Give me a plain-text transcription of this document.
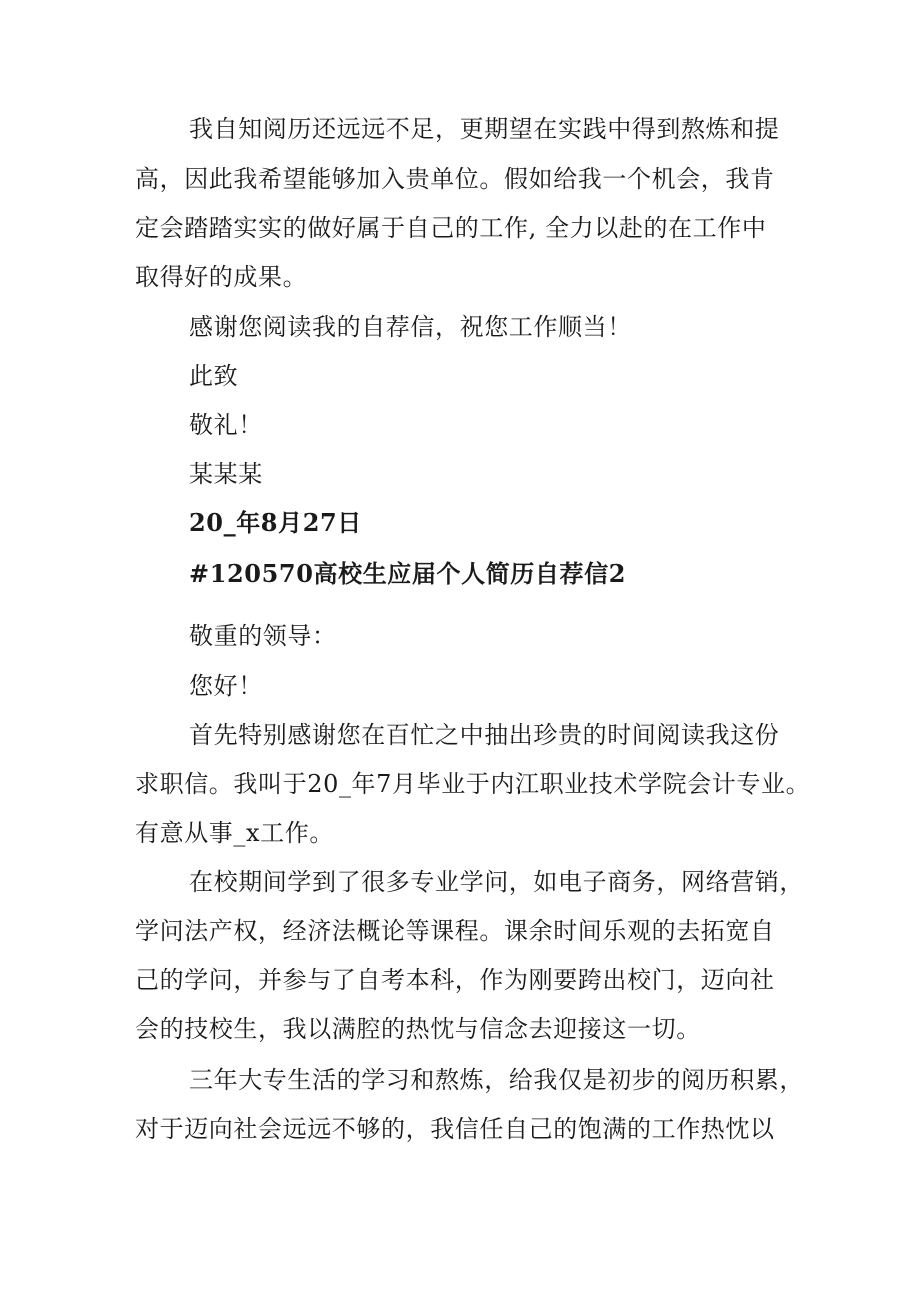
我自知阅历还远远不足，更期望在实践中得到熬炼和提
高，因此我希望能够加入贵单位。假如给我一个机会，我肯
定会踏踏实实的做好属于自己的工作, 全力以赴的在工作中
取得好的成果。
感谢您阅读我的自荐信，祝您工作顺当！
此致
敬礼！
某某某
20_年8月27日
#120570高校生应届个人简历自荐信2
敬重的领导：
您好！
首先特别感谢您在百忙之中抽出珍贵的时间阅读我这份
求职信。我叫于20_年7月毕业于内江职业技术学院会计专业。
有意从事_x工作。
在校期间学到了很多专业学问，如电子商务，网络营销，
学问法产权，经济法概论等课程。课余时间乐观的去拓宽自
己的学问，并参与了自考本科，作为刚要跨出校门，迈向社
会的技校生，我以满腔的热忱与信念去迎接这一切。
三年大专生活的学习和熬炼，给我仅是初步的阅历积累，
对于迈向社会远远不够的，我信任自己的饱满的工作热忱以
